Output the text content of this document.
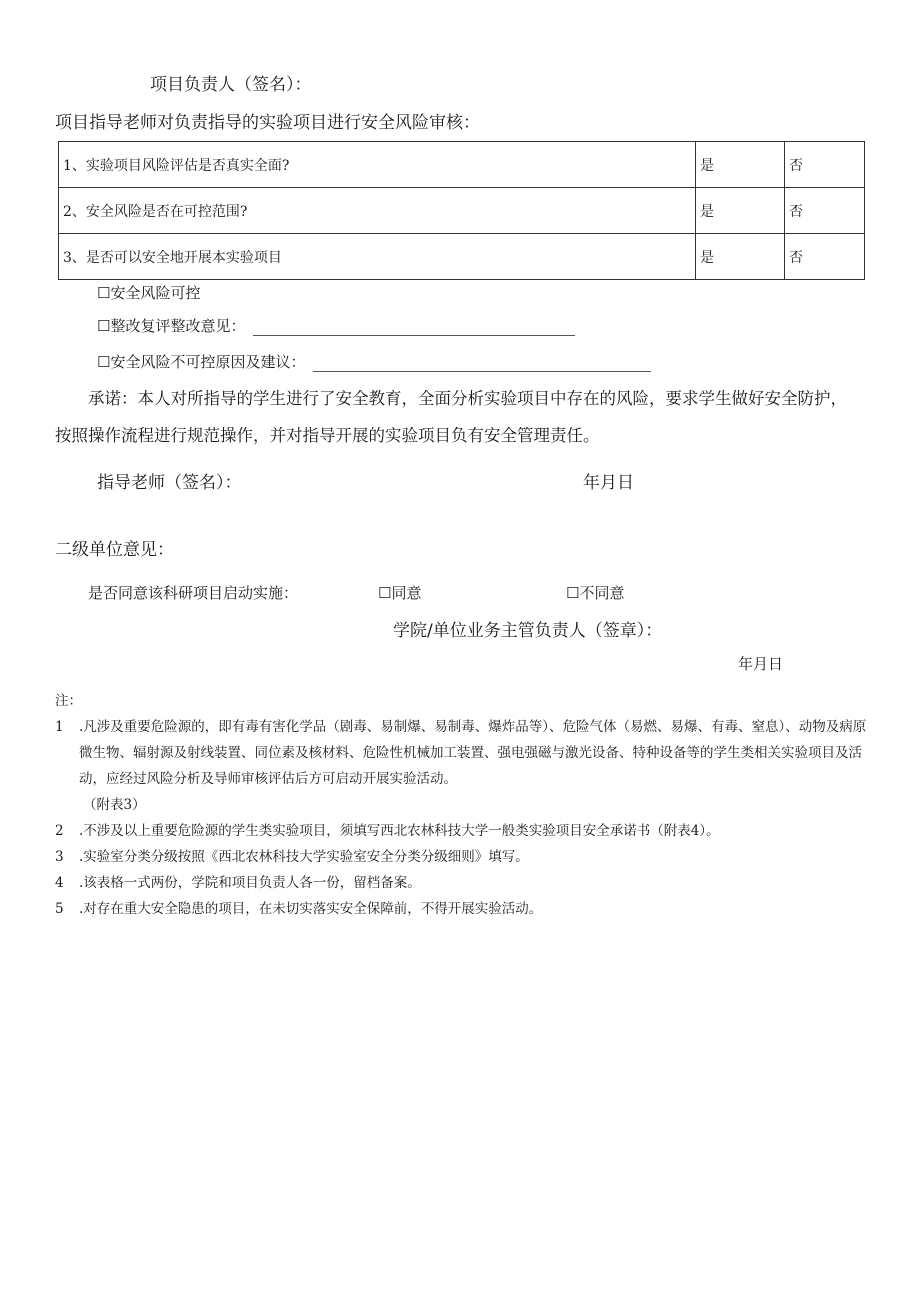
项目负责人（签名）：
项目指导老师对负责指导的实验项目进行安全风险审核：
1、实验项目风险评估是否真实全面?	是	否
2、安全风险是否在可控范围?	是	否
3、是否可以安全地开展本实验项目	是	否
☐安全风险可控
☐整改复评整改意见：
☐安全风险不可控原因及建议：
承诺：本人对所指导的学生进行了安全教育，全面分析实验项目中存在的风险，要求学生做好安全防护，
按照操作流程进行规范操作，并对指导开展的实验项目负有安全管理责任。
指导老师（签名）：	年月日
二级单位意见：
是否同意该科研项目启动实施：	☐同意	☐不同意
学院/单位业务主管负责人（签章）：
年月日
注：
1	.凡涉及重要危险源的，即有毒有害化学品（剧毒、易制爆、易制毒、爆炸品等）、危险气体（易燃、易爆、有毒、窒息）、动物及病原微生物、辐射源及射线装置、同位素及核材料、危险性机械加工装置、强电强磁与激光设备、特种设备等的学生类相关实验项目及活动，应经过风险分析及导师审核评估后方可启动开展实验活动。
（附表3）
2	.不涉及以上重要危险源的学生类实验项目，须填写西北农林科技大学一般类实验项目安全承诺书（附表4）。
3	.实验室分类分级按照《西北农林科技大学实验室安全分类分级细则》填写。
4	.该表格一式两份，学院和项目负责人各一份，留档备案。
5	.对存在重大安全隐患的项目，在未切实落实安全保障前，不得开展实验活动。
